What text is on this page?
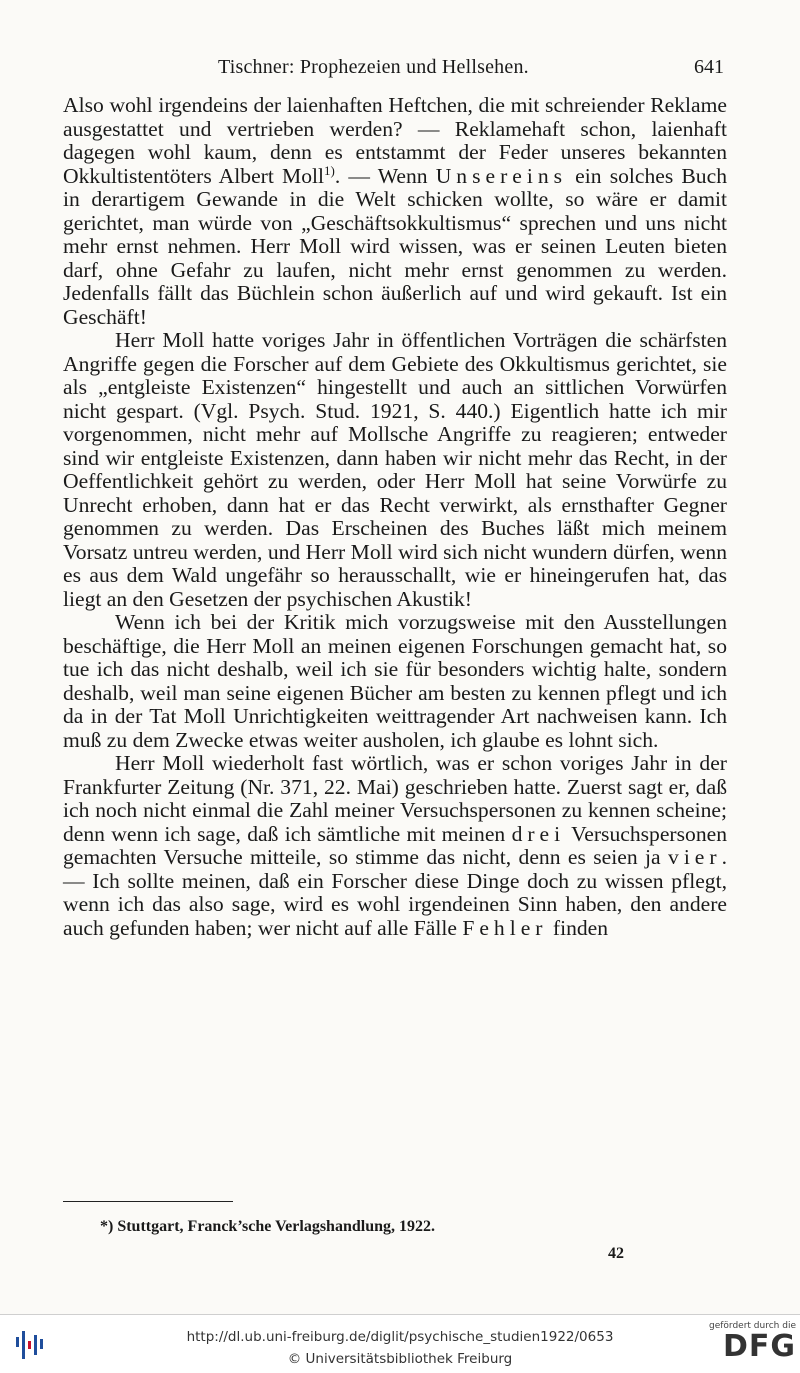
Tischner: Prophezeien und Hellsehen.	641

Also wohl irgendeins der laienhaften Heftchen, die mit schreiender Reklame ausgestattet und vertrieben werden? — Reklamehaft schon, laienhaft dagegen wohl kaum, denn es entstammt der Feder unseres bekannten Okkultistentöters Albert Moll$^{1)}$. — Wenn Unsereins ein solches Buch in derartigem Gewande in die Welt schicken wollte, so wäre er damit gerichtet, man würde von „Geschäftsokkultismus“ sprechen und uns nicht mehr ernst nehmen. Herr Moll wird wissen, was er seinen Leuten bieten darf, ohne Gefahr zu laufen, nicht mehr ernst genommen zu werden. Jedenfalls fällt das Büchlein schon äußerlich auf und wird gekauft. Ist ein Geschäft!

Herr Moll hatte voriges Jahr in öffentlichen Vorträgen die schärfsten Angriffe gegen die Forscher auf dem Gebiete des Okkultismus gerichtet, sie als „entgleiste Existenzen“ hingestellt und auch an sittlichen Vorwürfen nicht gespart. (Vgl. Psych. Stud. 1921, S. 440.) Eigentlich hatte ich mir vorgenommen, nicht mehr auf Mollsche Angriffe zu reagieren; entweder sind wir entgleiste Existenzen, dann haben wir nicht mehr das Recht, in der Oeffentlichkeit gehört zu werden, oder Herr Moll hat seine Vorwürfe zu Unrecht erhoben, dann hat er das Recht verwirkt, als ernsthafter Gegner genommen zu werden. Das Erscheinen des Buches läßt mich meinem Vorsatz untreu werden, und Herr Moll wird sich nicht wundern dürfen, wenn es aus dem Wald ungefähr so herausschallt, wie er hineingerufen hat, das liegt an den Gesetzen der psychischen Akustik!

Wenn ich bei der Kritik mich vorzugsweise mit den Ausstellungen beschäftige, die Herr Moll an meinen eigenen Forschungen gemacht hat, so tue ich das nicht deshalb, weil ich sie für besonders wichtig halte, sondern deshalb, weil man seine eigenen Bücher am besten zu kennen pflegt und ich da in der Tat Moll Unrichtigkeiten weittragender Art nachweisen kann. Ich muß zu dem Zwecke etwas weiter ausholen, ich glaube es lohnt sich.

Herr Moll wiederholt fast wörtlich, was er schon voriges Jahr in der Frankfurter Zeitung (Nr. 371, 22. Mai) geschrieben hatte. Zuerst sagt er, daß ich noch nicht einmal die Zahl meiner Versuchspersonen zu kennen scheine; denn wenn ich sage, daß ich sämtliche mit meinen drei Versuchspersonen gemachten Versuche mitteile, so stimme das nicht, denn es seien ja vier. — Ich sollte meinen, daß ein Forscher diese Dinge doch zu wissen pflegt, wenn ich das also sage, wird es wohl irgendeinen Sinn haben, den andere auch gefunden haben; wer nicht auf alle Fälle Fehler finden

*) Stuttgart, Franck’sche Verlagshandlung, 1922.
42
http://dl.ub.uni-freiburg.de/diglit/psychische_studien1922/0653
© Universitätsbibliothek Freiburg
gefördert durch die
DFG
